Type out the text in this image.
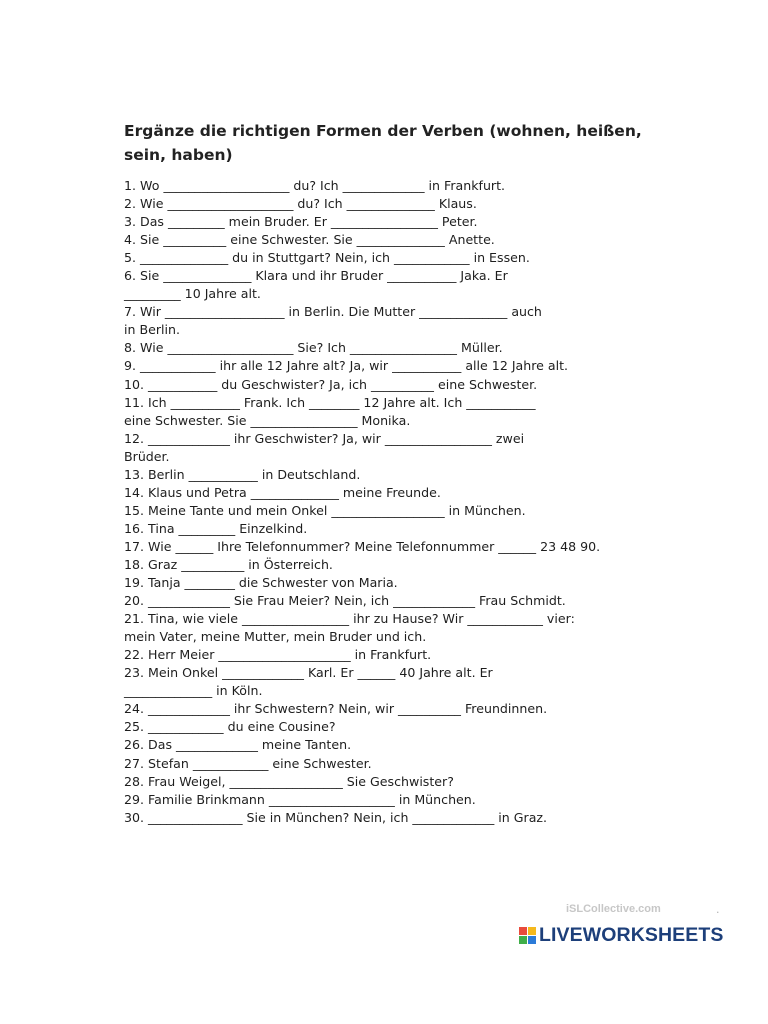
Ergänze die richtigen Formen der Verben (wohnen, heißen, sein, haben)
1. Wo ____________________ du? Ich _____________ in Frankfurt.
2. Wie ____________________ du? Ich ______________ Klaus.
3. Das _________ mein Bruder. Er _________________ Peter.
4. Sie __________ eine Schwester. Sie ______________ Anette.
5. ______________ du in Stuttgart? Nein, ich ____________ in Essen.
6. Sie ______________ Klara und ihr Bruder ___________ Jaka. Er
_________ 10 Jahre alt.
7. Wir ___________________ in Berlin. Die Mutter ______________ auch
in Berlin.
8. Wie ____________________ Sie? Ich _________________ Müller.
9. ____________ ihr alle 12 Jahre alt? Ja, wir ___________ alle 12 Jahre alt.
10. ___________ du Geschwister? Ja, ich __________ eine Schwester.
11. Ich ___________ Frank. Ich ________ 12 Jahre alt. Ich ___________
eine Schwester. Sie _________________ Monika.
12. _____________ ihr Geschwister? Ja, wir _________________ zwei
Brüder.
13. Berlin ___________ in Deutschland.
14. Klaus und Petra ______________ meine Freunde.
15. Meine Tante und mein Onkel __________________ in München.
16. Tina _________ Einzelkind.
17. Wie ______ Ihre Telefonnummer? Meine Telefonnummer ______ 23 48 90.
18. Graz __________ in Österreich.
19. Tanja ________ die Schwester von Maria.
20. _____________ Sie Frau Meier? Nein, ich _____________ Frau Schmidt.
21. Tina, wie viele _________________ ihr zu Hause? Wir ____________ vier:
mein Vater, meine Mutter, mein Bruder und ich.
22. Herr Meier _____________________ in Frankfurt.
23. Mein Onkel _____________ Karl. Er ______ 40 Jahre alt. Er
______________ in Köln.
24. _____________ ihr Schwestern? Nein, wir __________ Freundinnen.
25. ____________ du eine Cousine?
26. Das _____________ meine Tanten.
27. Stefan ____________ eine Schwester.
28. Frau Weigel, __________________ Sie Geschwister?
29. Familie Brinkmann ____________________ in München.
30. _______________ Sie in München? Nein, ich _____________ in Graz.
iSLCollective.com	.
LIVEWORKSHEETS
